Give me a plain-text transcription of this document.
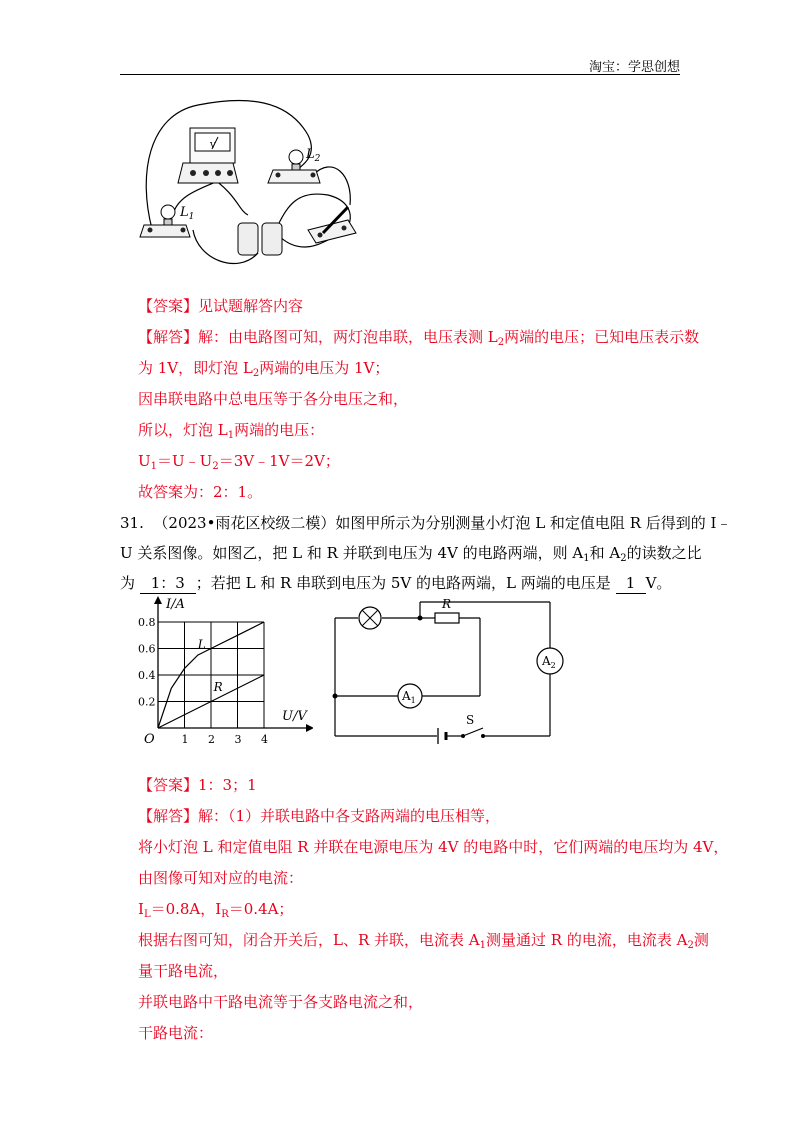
淘宝：学思创想
V
$L_2$
$L_1$
【答案】见试题解答内容
【解答】解：由电路图可知，两灯泡串联，电压表测 $L_2$两端的电压；已知电压表示数
为 1V，即灯泡 $L_2$两端的电压为 1V；
因串联电路中总电压等于各分电压之和，
所以，灯泡 $L_1$两端的电压：
$U_1=U﹣U_2=3V﹣1V=2V$；
故答案为：2：1。
31. （2023•雨花区校级二模）如图甲所示为分别测量小灯泡 L 和定值电阻 R 后得到的 I﹣
U 关系图像。如图乙，把 L 和 R 并联到电压为 4V 的电路两端，则 $A_1$和 $A_2$的读数之比
为 1：3 ；若把 L 和 R 串联到电压为 5V 的电路两端，L 两端的电压是 1 V。
1 2 3 4
0.2
0.4
0.6
0.8
L
R
O
I/A
U/V
R
$A_1$
$A_2$
S
【答案】1：3；1
【解答】解：（1）并联电路中各支路两端的电压相等，
将小灯泡 L 和定值电阻 R 并联在电源电压为 4V 的电路中时，它们两端的电压均为 4V，
由图像可知对应的电流：
$I_L=0.8A$，$I_R=0.4A$；
根据右图可知，闭合开关后，L、R 并联，电流表 $A_1$测量通过 R 的电流，电流表 $A_2$测
量干路电流，
并联电路中干路电流等于各支路电流之和，
干路电流：
